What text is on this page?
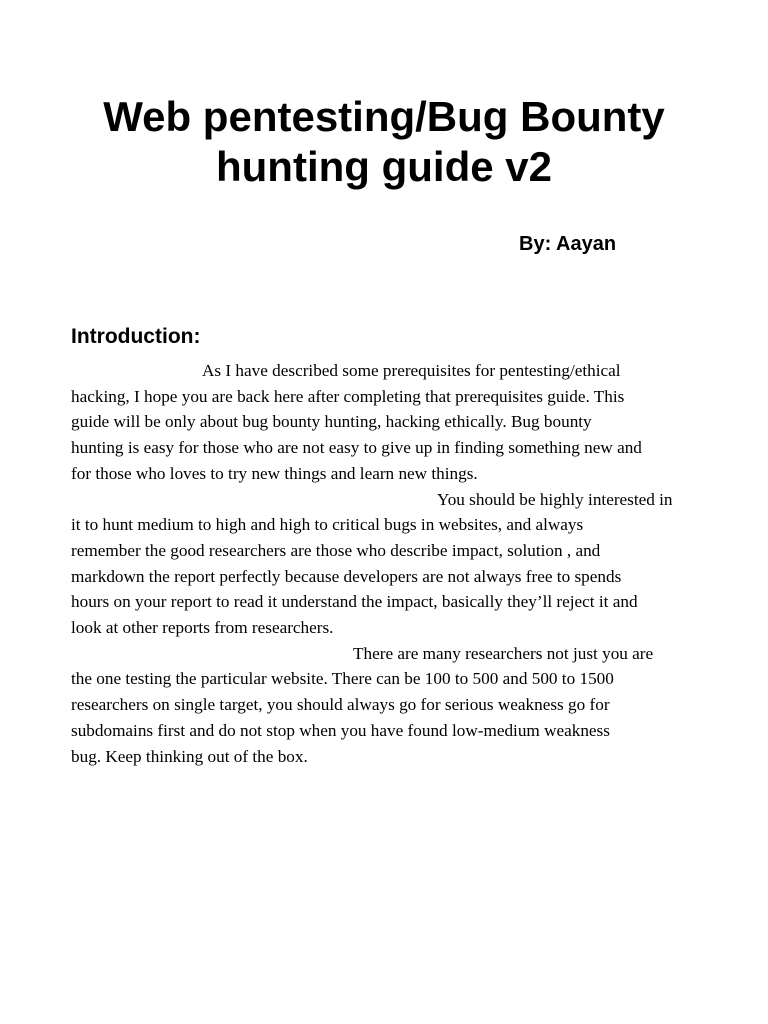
Web pentesting/Bug Bounty
hunting guide v2

By: Aayan

Introduction:
As I have described some prerequisites for pentesting/ethical
hacking, I hope you are back here after completing that prerequisites guide. This
guide will be only about bug bounty hunting, hacking ethically. Bug bounty
hunting is easy for those who are not easy to give up in finding something new and
for those who loves to try new things and learn new things.
You should be highly interested in
it to hunt medium to high and high to critical bugs in websites, and always
remember the good researchers are those who describe impact, solution , and
markdown the report perfectly because developers are not always free to spends
hours on your report to read it understand the impact, basically they’ll reject it and
look at other reports from researchers.
There are many researchers not just you are
the one testing the particular website. There can be 100 to 500 and 500 to 1500
researchers on single target, you should always go for serious weakness go for
subdomains first and do not stop when you have found low-medium weakness
bug. Keep thinking out of the box.
